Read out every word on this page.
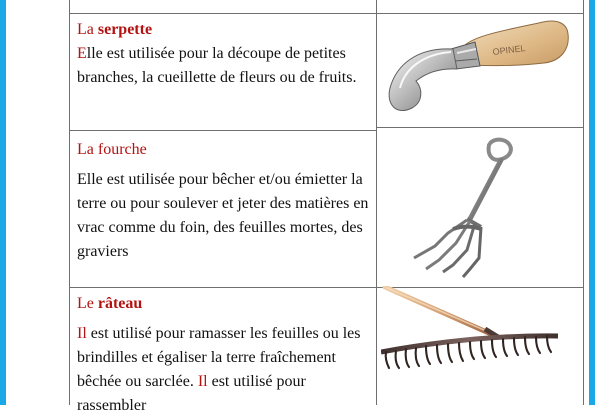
La serpette

Elle est utilisée pour la découpe de petites branches, la cueillette de fleurs ou de fruits.

OPINEL

La fourche

Elle est utilisée pour bêcher et/ou émietter la terre ou pour soulever et jeter des matières en vrac comme du foin, des feuilles mortes, des graviers

Le râteau

Il est utilisé pour ramasser les feuilles ou les brindilles et égaliser la terre fraîchement bêchée ou sarclée. Il est utilisé pour rassembler
